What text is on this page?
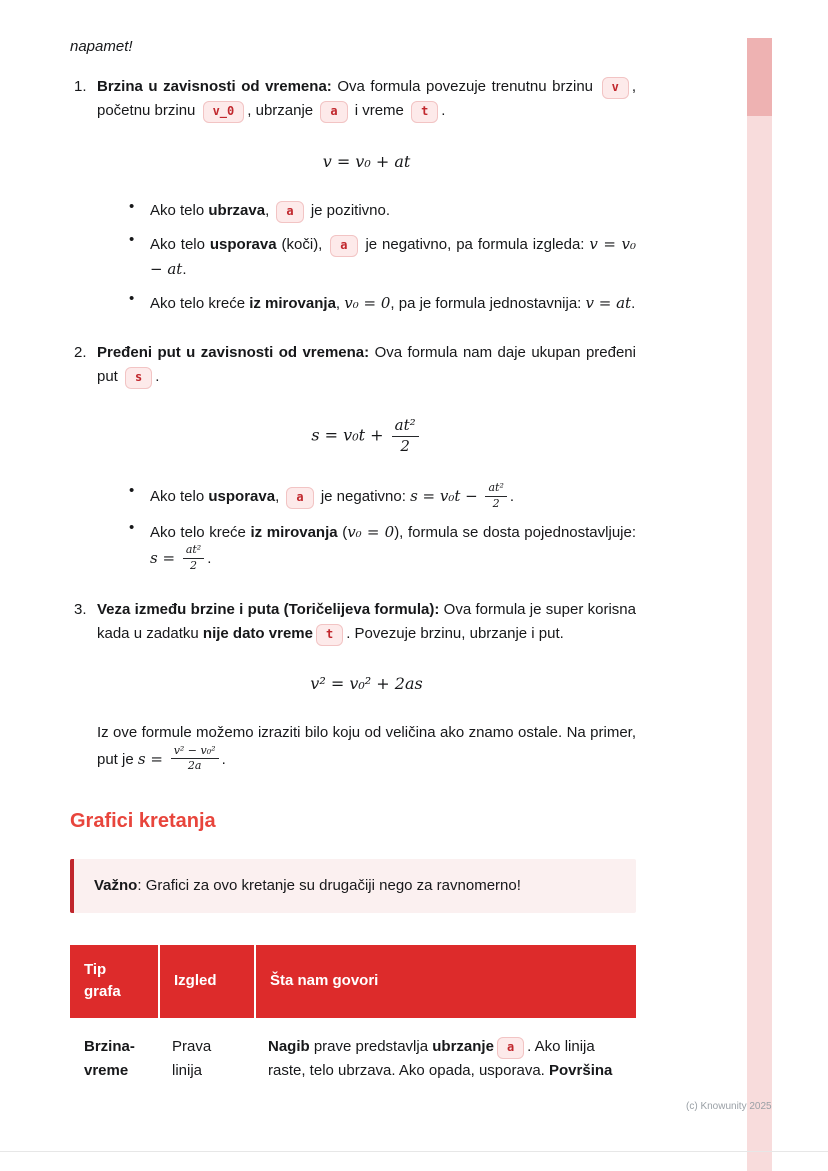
napamet!

1. Brzina u zavisnosti od vremena: Ova formula povezuje trenutnu brzinu v , početnu brzinu v_0 , ubrzanje a i vreme t .

v = v₀ + at

• Ako telo ubrzava, a je pozitivno.

• Ako telo usporava (koči), a je negativno, pa formula izgleda: v = v₀ − at.

• Ako telo kreće iz mirovanja, v₀ = 0, pa je formula jednostavnija: v = at.

2. Pređeni put u zavisnosti od vremena: Ova formula nam daje ukupan pređeni put s .

$s = v_0t + \frac{\text{at²}}{2}$

• Ako telo usporava, a je negativno: $s = v_0t - \frac{\text{at²}}{2}$ .

• Ako telo kreće iz mirovanja (v₀ = 0), formula se dosta pojednostavljuje: $s = \frac{\text{at²}}{2}$ .

3. Veza između brzine i puta (Toričelijeva formula): Ova formula je super korisna kada u zadatku nije dato vreme t . Povezuje brzinu, ubrzanje i put.

v² = v₀² + 2as

Iz ove formule možemo izraziti bilo koju od veličina ako znamo ostale. Na primer, put je $s = \frac{\text{v² − v₀²}}{2a}$ .

Grafici kretanja
Važno: Grafici za ovo kretanje su drugačiji nego za ravnomerno!
Tip grafa	Izgled	Šta nam govori
Brzina-vreme	Prava linija	Nagib prave predstavlja ubrzanje a . Ako linija raste, telo ubrzava. Ako opada, usporava. Površina
(c) Knowunity 2025
